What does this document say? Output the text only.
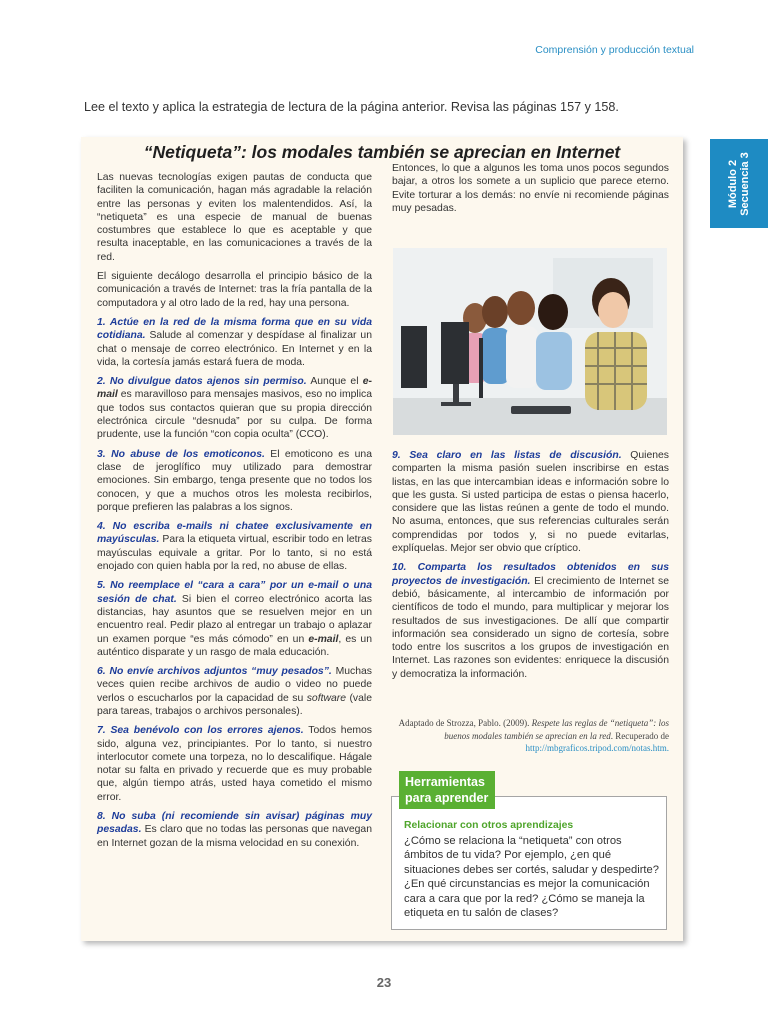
Comprensión y producción textual
Lee el texto y aplica la estrategia de lectura de la página anterior. Revisa las páginas 157 y 158.
Módulo 2 Secuencia 3
“Netiqueta”: los modales también se aprecian en Internet

Las nuevas tecnologías exigen pautas de conducta que faciliten la comunicación, hagan más agradable la relación entre las personas y eviten los malentendidos. Así, la “netiqueta” es una especie de manual de buenas costumbres que establece lo que es aceptable y que resulta inaceptable, en las comunicaciones a través de la red.

El siguiente decálogo desarrolla el principio básico de la comunicación a través de Internet: tras la fría pantalla de la computadora y al otro lado de la red, hay una persona.

1. Actúe en la red de la misma forma que en su vida cotidiana. Salude al comenzar y despídase al finalizar un chat o mensaje de correo electrónico. En Internet y en la vida, la cortesía jamás estará fuera de moda.

2. No divulgue datos ajenos sin permiso. Aunque el e-mail es maravilloso para mensajes masivos, eso no implica que todos sus contactos quieran que su propia dirección electrónica circule “desnuda” por su culpa. De forma prudente, use la función “con copia oculta” (CCO).

3. No abuse de los emoticonos. El emoticono es una clase de jeroglífico muy utilizado para demostrar emociones. Sin embargo, tenga presente que no todos los conocen, y que a muchos otros les molesta recibirlos, porque prefieren las palabras a los signos.

4. No escriba e-mails ni chatee exclusivamente en mayúsculas. Para la etiqueta virtual, escribir todo en letras mayúsculas equivale a gritar. Por lo tanto, si no está enojado con quien habla por la red, no abuse de ellas.

5. No reemplace el “cara a cara” por un e-mail o una sesión de chat. Si bien el correo electrónico acorta las distancias, hay asuntos que se resuelven mejor en un encuentro real. Pedir plazo al entregar un trabajo o aplazar un examen porque “es más cómodo” en un e-mail, es un auténtico disparate y un rasgo de mala educación.

6. No envíe archivos adjuntos “muy pesados”. Muchas veces quien recibe archivos de audio o video no puede verlos o escucharlos por la capacidad de su software (vale para tareas, trabajos o archivos personales).

7. Sea benévolo con los errores ajenos. Todos hemos sido, alguna vez, principiantes. Por lo tanto, si nuestro interlocutor comete una torpeza, no lo descalifique. Hágale notar su falta en privado y recuerde que es muy probable que, algún tiempo atrás, usted haya cometido el mismo error.

8. No suba (ni recomiende sin avisar) páginas muy pesadas. Es claro que no todas las personas que navegan en Internet gozan de la misma velocidad en su conexión.

Entonces, lo que a algunos les toma unos pocos segundos bajar, a otros los somete a un suplicio que parece eterno. Evite torturar a los demás: no envíe ni recomiende páginas muy pesadas.

9. Sea claro en las listas de discusión. Quienes comparten la misma pasión suelen inscribirse en estas listas, en las que intercambian ideas e información sobre lo que les gusta. Si usted participa de estas o piensa hacerlo, considere que las listas reúnen a gente de todo el mundo. No asuma, entonces, que sus referencias culturales serán comprendidas por todos y, si no puede evitarlas, explíquelas. Mejor ser obvio que críptico.

10. Comparta los resultados obtenidos en sus proyectos de investigación. El crecimiento de Internet se debió, básicamente, al intercambio de información por científicos de todo el mundo, para multiplicar y mejorar los resultados de sus investigaciones. De allí que compartir información sea considerado un signo de cortesía, sobre todo entre los suscritos a los grupos de investigación en Internet. Las razones son evidentes: enriquece la discusión y democratiza la información.

Adaptado de Strozza, Pablo. (2009). Respete las reglas de “netiqueta”: los buenos modales también se aprecian en la red. Recuperado de http://mbgraficos.tripod.com/notas.htm.
Relacionar con otros aprendizajes
¿Cómo se relaciona la “netiqueta” con otros ámbitos de tu vida? Por ejemplo, ¿en qué situaciones debes ser cortés, saludar y despedirte? ¿En qué circunstancias es mejor la comunicación cara a cara que por la red? ¿Cómo se maneja la etiqueta en tu salón de clases?
Herramientas
para aprender
23
